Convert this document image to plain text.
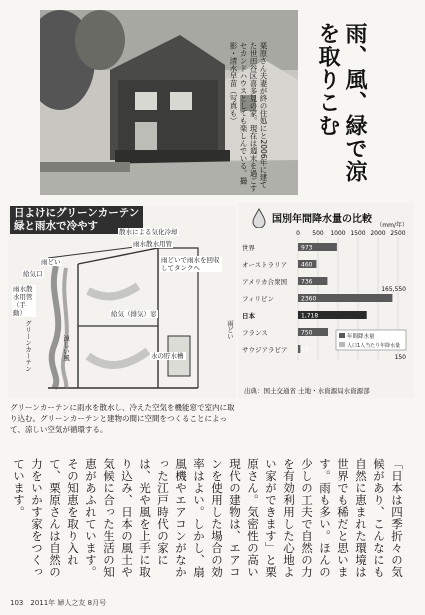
栗原さん夫妻が終の住処にと2006年に建てた世田谷区喜多見の家。現在は週末を過ごすセカンドハウスとしても楽しんでいる。撮影・清水早苗（写真も）	雨、風、緑で涼を取りこむ
日よけにグリーンカーテン
緑と雨水で冷やす	散水による気化冷却
雨水散水用管
雨どい	雨どいで雨水を回収してタンクへ
給気口
雨水散水用管（手動）	給気（排気）窓
グリーンカーテン	涼しい風	水の貯水槽
雨どい
0 500 1000 1500 2000 2500
（mm/年）
世界	973
オーストラリア 460
アメリカ合衆国 736
165,550
フィリピン	2360
日本	1,718
フランス	750
サウジアラビア 59
150
年間降水量
人口1人当たり年降水量
国別年間降水量の比較
出典：国土交通省 土地・水資源局水資源部
グリーンカーテンに雨水を散水し、冷えた空気を機能窓で室内に取り込む。グリーンカーテンと建物の間に空間をつくることによって、涼しい空気が循環する。
「日本は四季折々の気候があり、こんなにも自然に恵まれた環境は世界でも稀だと思います。雨も多い。ほんの少しの工夫で自然の力を有効利用した心地よい家ができます」と栗原さん。気密性の高い現代の建物は、エアコンを使用した場合の効率はよい。しかし、扇風機やエアコンがなかった江戸時代の家には、光や風を上手に取り込み、日本の風土や気候に合った生活の知恵があふれています。その知恵を取り入れて、栗原さんは自然の力をいかす家をつくっています。
103　2011年 婦人之友 8月号
